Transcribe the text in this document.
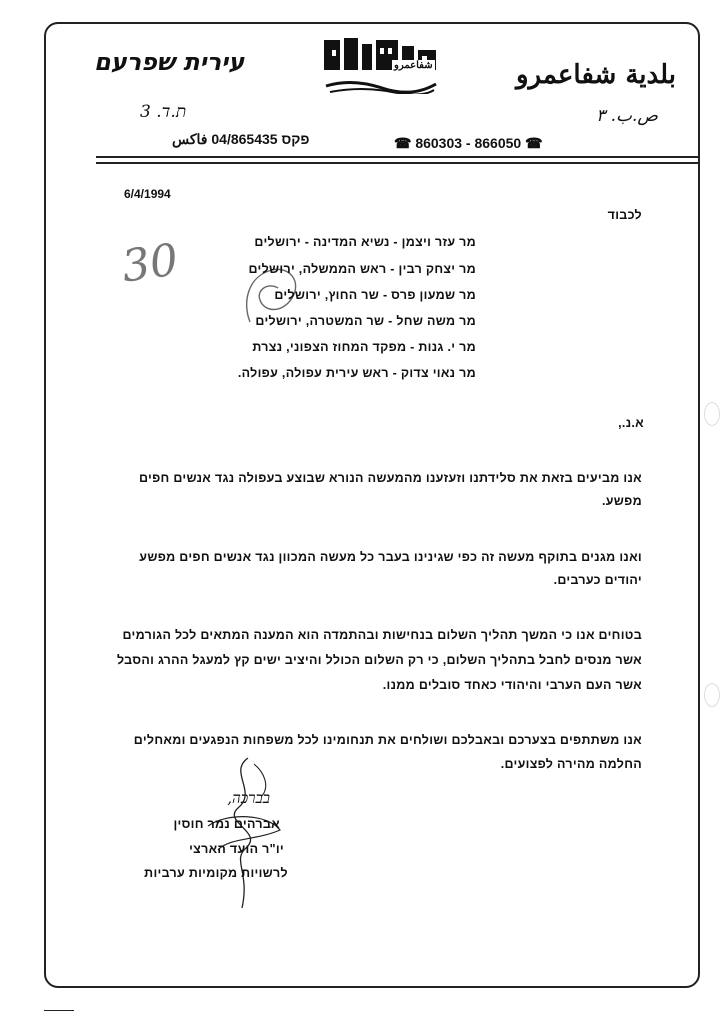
עירית שפרעם	شفاعمرو	بلدية شفاعمرو
ת.ד. 3	ص.ب. ٣
פקס 04/865435 فاكس	☎ 860303 - 866050 ☎
6/4/1994
30
לכבוד
מר עזר ויצמן - נשיא המדינה - ירושלים
מר יצחק רבין - ראש הממשלה, ירושלים
מר שמעון פרס - שר החוץ, ירושלים
מר משה שחל - שר המשטרה, ירושלים
מר י. גנות - מפקד המחוז הצפוני, נצרת
מר נאוי צדוק - ראש עירית עפולה, עפולה.
א.נ.,
אנו מביעים בזאת את סלידתנו וזעזענו מהמעשה הנורא שבוצע בעפולה נגד אנשים חפים
מפשע.
ואנו מגנים בתוקף מעשה זה כפי שגינינו בעבר כל מעשה המכוון נגד אנשים חפים מפשע
יהודים כערבים.
בטוחים אנו כי המשך תהליך השלום בנחישות ובהתמדה הוא המענה המתאים לכל הגורמים
אשר מנסים לחבל בתהליך השלום, כי רק השלום הכולל והיציב ישים קץ למעגל ההרג והסבל
אשר העם הערבי והיהודי כאחד סובלים ממנו.
אנו משתתפים בצערכם ובאבלכם ושולחים את תנחומינו לכל משפחות הנפגעים ומאחלים
החלמה מהירה לפצועים.
בברכה,
אברהים נמר חוסין
יו"ר הועד הארצי
לרשויות מקומיות ערביות
